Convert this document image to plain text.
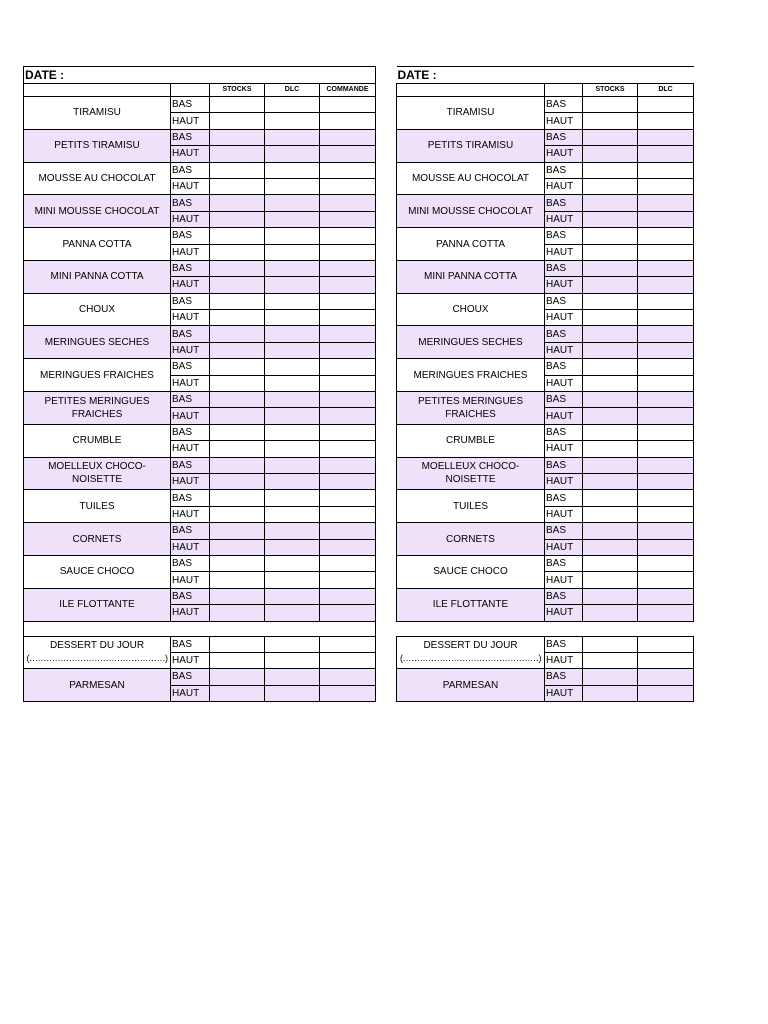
DATE :				
		STOCKS	DLC	COMMANDE
TIRAMISU	BAS			
	HAUT			
PETITS TIRAMISU	BAS			
	HAUT			
MOUSSE AU CHOCOLAT	BAS			
	HAUT			
MINI MOUSSE CHOCOLAT	BAS			
	HAUT			
PANNA COTTA	BAS			
	HAUT			
MINI PANNA COTTA	BAS			
	HAUT			
CHOUX	BAS			
	HAUT			
MERINGUES SECHES	BAS			
	HAUT			
MERINGUES FRAICHES	BAS			
	HAUT			
PETITES MERINGUES FRAICHES	BAS			
	HAUT			
CRUMBLE	BAS			
	HAUT			
MOELLEUX CHOCO-NOISETTE	BAS			
	HAUT			
TUILES	BAS			
	HAUT			
CORNETS	BAS			
	HAUT			
SAUCE CHOCO	BAS			
	HAUT			
ILE FLOTTANTE	BAS			
	HAUT			

DESSERT DU JOUR
(…………………………………………)	BAS			
	HAUT			
PARMESAN	BAS			
	HAUT			
DATE :			
		STOCKS	DLC
TIRAMISU	BAS		
	HAUT		
PETITS TIRAMISU	BAS		
	HAUT		
MOUSSE AU CHOCOLAT	BAS		
	HAUT		
MINI MOUSSE CHOCOLAT	BAS		
	HAUT		
PANNA COTTA	BAS		
	HAUT		
MINI PANNA COTTA	BAS		
	HAUT		
CHOUX	BAS		
	HAUT		
MERINGUES SECHES	BAS		
	HAUT		
MERINGUES FRAICHES	BAS		
	HAUT		
PETITES MERINGUES FRAICHES	BAS		
	HAUT		
CRUMBLE	BAS		
	HAUT		
MOELLEUX CHOCO-NOISETTE	BAS		
	HAUT		
TUILES	BAS		
	HAUT		
CORNETS	BAS		
	HAUT		
SAUCE CHOCO	BAS		
	HAUT		
ILE FLOTTANTE	BAS		
	HAUT		

DESSERT DU JOUR
(…………………………………………)	BAS		
	HAUT		
PARMESAN	BAS		
	HAUT		
